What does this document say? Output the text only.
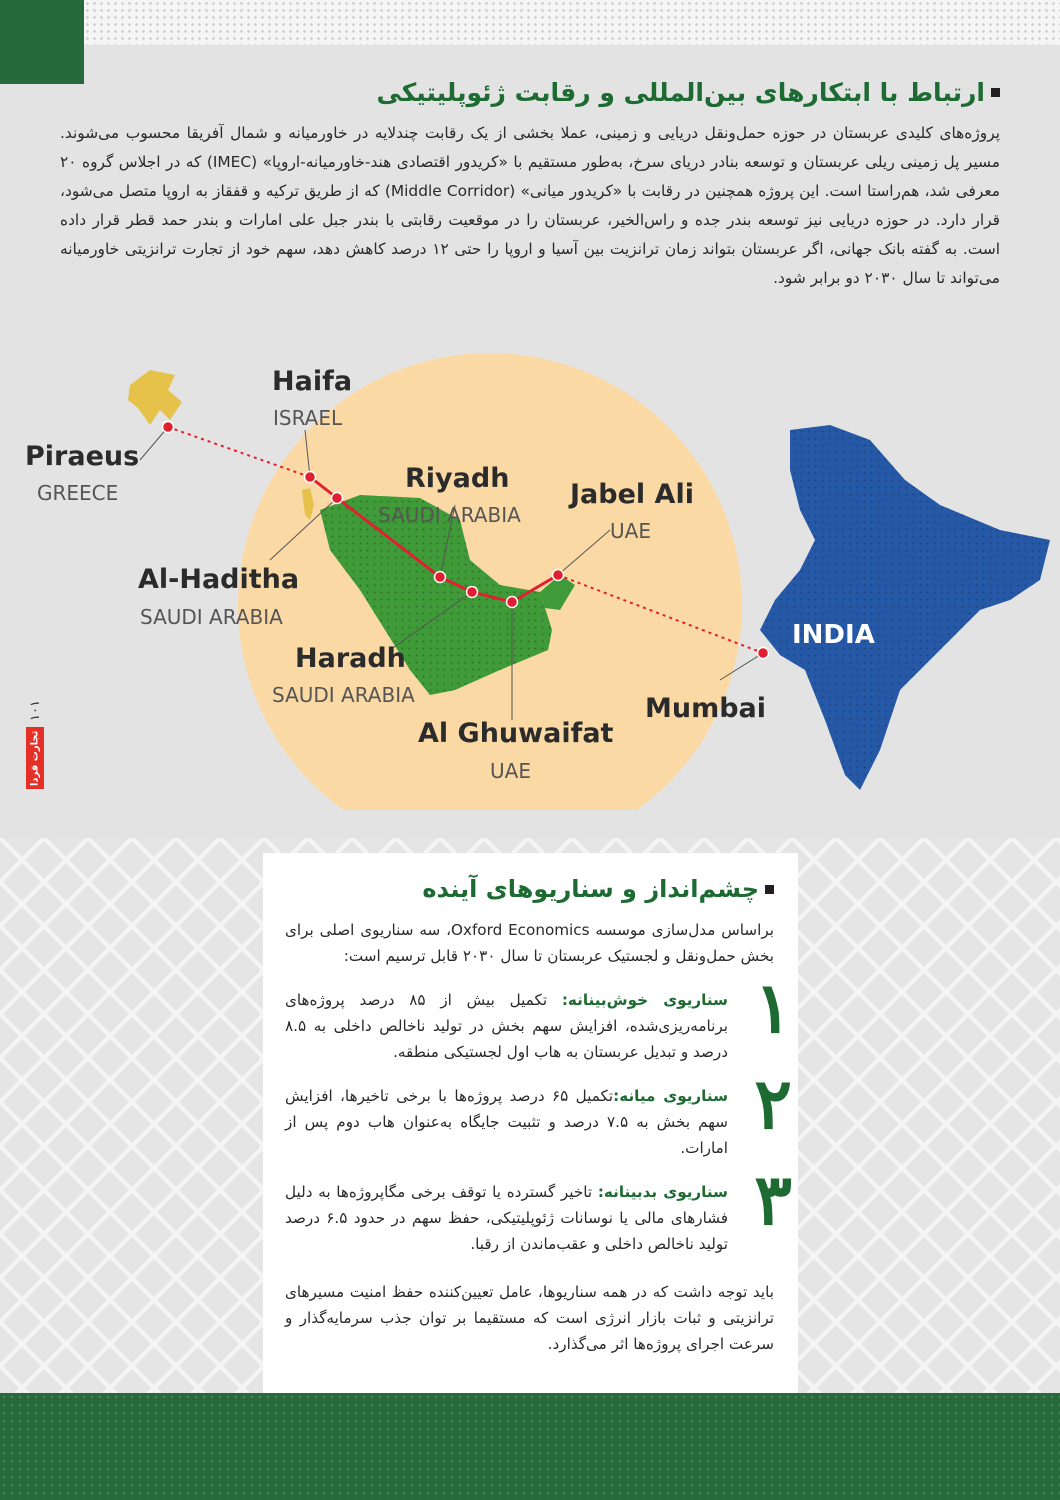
ارتباط با ابتکارهای بین‌المللی و رقابت ژئوپلیتیکی

پروژه‌های کلیدی عربستان در حوزه حمل‌ونقل دریایی و زمینی، عملا بخشی از یک رقابت چندلایه در خاورمیانه و شمال آفریقا محسوب می‌شوند. مسیر پل زمینی ریلی عربستان و توسعه بنادر دریای سرخ، به‌طور مستقیم با «کریدور اقتصادی هند-خاورمیانه-اروپا» (IMEC) که در اجلاس گروه ۲۰ معرفی شد، هم‌راستا است. این پروژه همچنین در رقابت با «کریدور میانی» (Middle Corridor) که از طریق ترکیه و قفقاز به اروپا متصل می‌شود، قرار دارد. در حوزه دریایی نیز توسعه بندر جده و راس‌الخیر، عربستان را در موقعیت رقابتی با بندر جبل علی امارات و بندر حمد قطر قرار داده است. به گفته بانک جهانی، اگر عربستان بتواند زمان ترانزیت بین آسیا و اروپا را حتی ۱۲ درصد کاهش دهد، سهم خود از تجارت ترانزیتی خاورمیانه می‌تواند تا سال ۲۰۳۰ دو برابر شود.

Piraeus
GREECE
Haifa
ISRAEL
Riyadh
SAUDI ARABIA
Jabel Ali
UAE
Al-Haditha
SAUDI ARABIA
Haradh
SAUDI ARABIA
Al Ghuwaifat
UAE
INDIA
Mumbai
۱۰۱
تجارت فردا
چشم‌انداز و سناریوهای آینده

براساس مدل‌سازی موسسه Oxford Economics، سه سناریوی اصلی برای بخش حمل‌ونقل و لجستیک عربستان تا سال ۲۰۳۰ قابل ترسیم است:

۱

سناریوی خوش‌بینانه: تکمیل بیش از ۸۵ درصد پروژه‌های برنامه‌ریزی‌شده، افزایش سهم بخش در تولید ناخالص داخلی به ۸.۵ درصد و تبدیل عربستان به هاب اول لجستیکی منطقه.

۲

سناریوی میانه:تکمیل ۶۵ درصد پروژه‌ها با برخی تاخیرها، افزایش سهم بخش به ۷.۵ درصد و تثبیت جایگاه به‌عنوان هاب دوم پس از امارات.

۳

سناریوی بدبینانه: تاخیر گسترده یا توقف برخی مگاپروژه‌ها به دلیل فشارهای مالی یا نوسانات ژئوپلیتیکی، حفظ سهم در حدود ۶.۵ درصد تولید ناخالص داخلی و عقب‌ماندن از رقبا.

باید توجه داشت که در همه سناریوها، عامل تعیین‌کننده حفظ امنیت مسیرهای ترانزیتی و ثبات بازار انرژی است که مستقیما بر توان جذب سرمایه‌گذار و سرعت اجرای پروژه‌ها اثر می‌گذارد.
